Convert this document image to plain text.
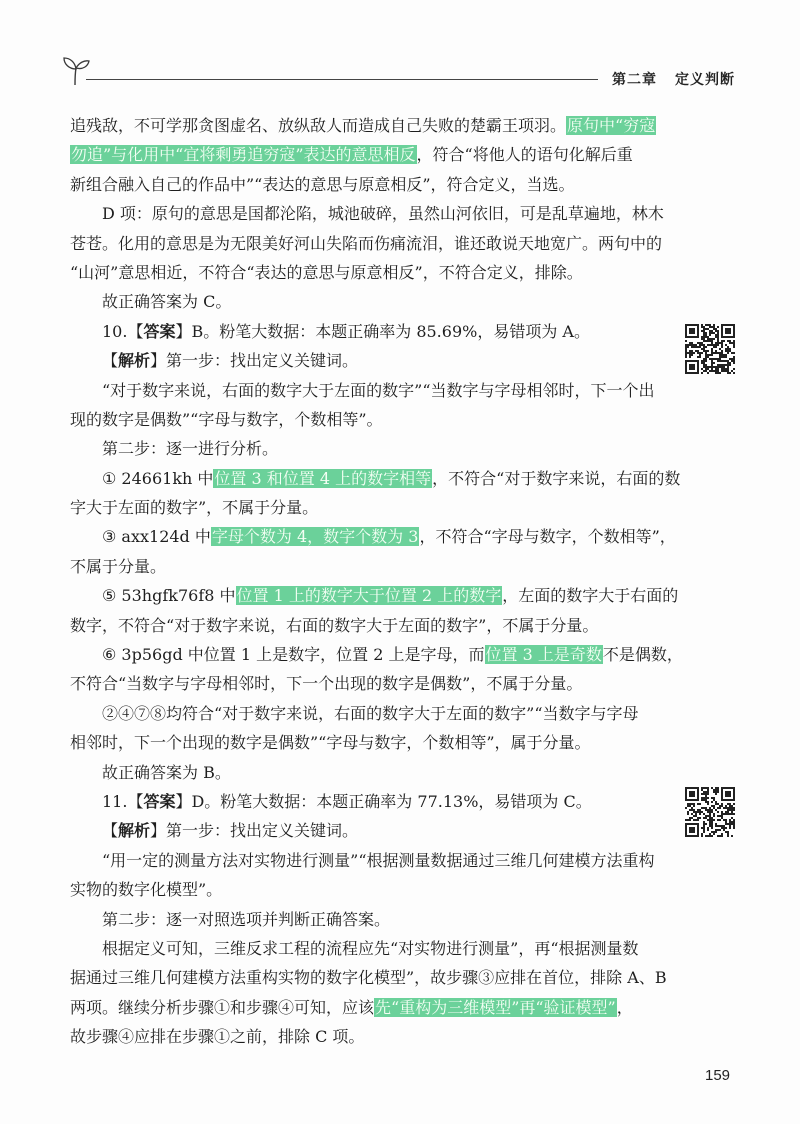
第二章 定义判断
追残敌，不可学那贪图虚名、放纵敌人而造成自己失败的楚霸王项羽。原句中“穷寇
勿追”与化用中“宜将剩勇追穷寇”表达的意思相反，符合“将他人的语句化解后重
新组合融入自己的作品中”“表达的意思与原意相反”，符合定义，当选。
D 项：原句的意思是国都沦陷，城池破碎，虽然山河依旧，可是乱草遍地，林木
苍苍。化用的意思是为无限美好河山失陷而伤痛流泪，谁还敢说天地宽广。两句中的
“山河”意思相近，不符合“表达的意思与原意相反”，不符合定义，排除。
故正确答案为 C。
10.【答案】B。粉笔大数据：本题正确率为 85.69%，易错项为 A。
【解析】第一步：找出定义关键词。
“对于数字来说，右面的数字大于左面的数字”“当数字与字母相邻时，下一个出
现的数字是偶数”“字母与数字，个数相等”。
第二步：逐一进行分析。
① 24661kh 中位置 3 和位置 4 上的数字相等，不符合“对于数字来说，右面的数
字大于左面的数字”，不属于分量。
③ axx124d 中字母个数为 4，数字个数为 3，不符合“字母与数字，个数相等”，
不属于分量。
⑤ 53hgfk76f8 中位置 1 上的数字大于位置 2 上的数字，左面的数字大于右面的
数字，不符合“对于数字来说，右面的数字大于左面的数字”，不属于分量。
⑥ 3p56gd 中位置 1 上是数字，位置 2 上是字母，而位置 3 上是奇数不是偶数，
不符合“当数字与字母相邻时，下一个出现的数字是偶数”，不属于分量。
②④⑦⑧均符合“对于数字来说，右面的数字大于左面的数字”“当数字与字母
相邻时，下一个出现的数字是偶数”“字母与数字，个数相等”，属于分量。
故正确答案为 B。
11.【答案】D。粉笔大数据：本题正确率为 77.13%，易错项为 C。
【解析】第一步：找出定义关键词。
“用一定的测量方法对实物进行测量”“根据测量数据通过三维几何建模方法重构
实物的数字化模型”。
第二步：逐一对照选项并判断正确答案。
根据定义可知，三维反求工程的流程应先“对实物进行测量”，再“根据测量数
据通过三维几何建模方法重构实物的数字化模型”，故步骤③应排在首位，排除 A、B
两项。继续分析步骤①和步骤④可知，应该先“重构为三维模型”再“验证模型”，
故步骤④应排在步骤①之前，排除 C 项。
159
